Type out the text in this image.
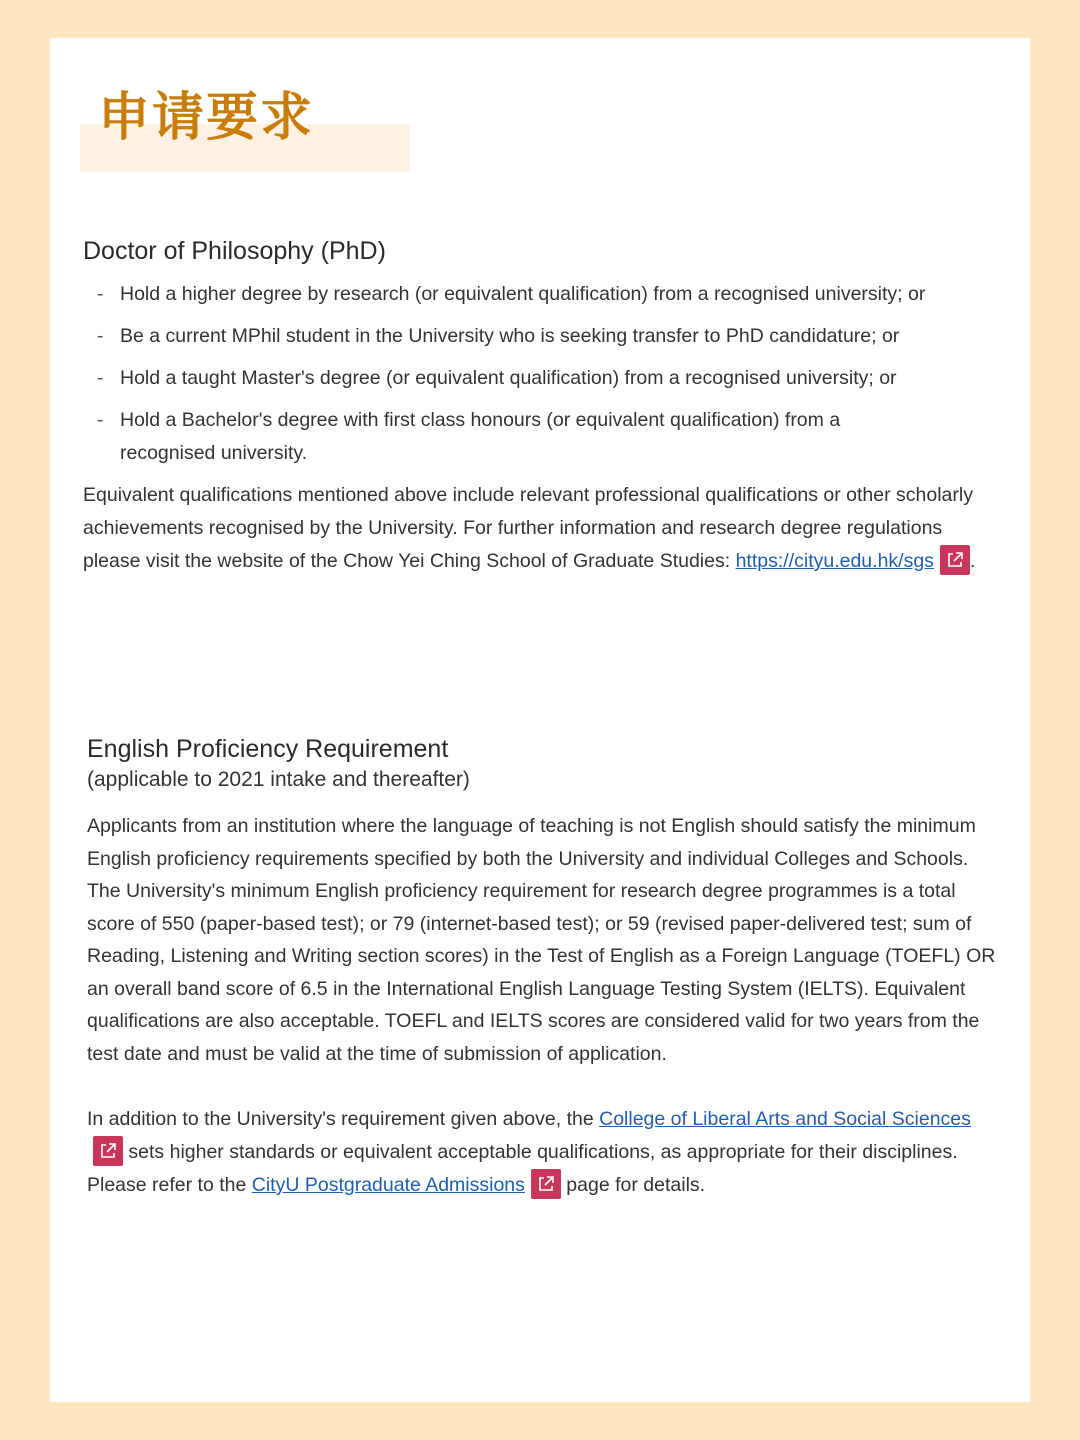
申请要求
Doctor of Philosophy (PhD)
- Hold a higher degree by research (or equivalent qualification) from a recognised university; or
- Be a current MPhil student in the University who is seeking transfer to PhD candidature; or
- Hold a taught Master's degree (or equivalent qualification) from a recognised university; or
- Hold a Bachelor's degree with first class honours (or equivalent qualification) from a recognised university.

Equivalent qualifications mentioned above include relevant professional qualifications or other scholarly achievements recognised by the University. For further information and research degree regulations please visit the website of the Chow Yei Ching School of Graduate Studies: https://cityu.edu.hk/sgs .

English Proficiency Requirement
(applicable to 2021 intake and thereafter)

Applicants from an institution where the language of teaching is not English should satisfy the minimum English proficiency requirements specified by both the University and individual Colleges and Schools. The University's minimum English proficiency requirement for research degree programmes is a total score of 550 (paper-based test); or 79 (internet-based test); or 59 (revised paper-delivered test; sum of Reading, Listening and Writing section scores) in the Test of English as a Foreign Language (TOEFL) OR an overall band score of 6.5 in the International English Language Testing System (IELTS). Equivalent qualifications are also acceptable. TOEFL and IELTS scores are considered valid for two years from the test date and must be valid at the time of submission of application.

In addition to the University's requirement given above, the College of Liberal Arts and Social Sciences
sets higher standards or equivalent acceptable qualifications, as appropriate for their disciplines. Please refer to the CityU Postgraduate Admissions
page for details.
